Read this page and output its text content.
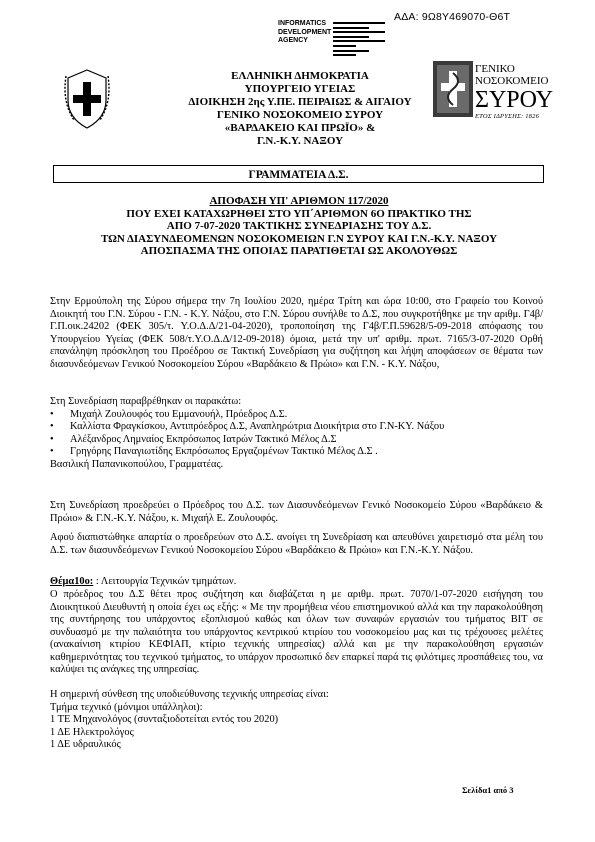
ΑΔΑ: 9Ω8Υ469070-Θ6Τ
INFORMATICS
DEVELOPMENT
AGENCY
ΕΛΛΗΝΙΚΗ ΔΗΜΟΚΡΑΤΙΑ
ΥΠΟΥΡΓΕΙΟ ΥΓΕΙΑΣ
ΔΙΟΙΚΗΣΗ 2ης Υ.ΠΕ. ΠΕΙΡΑΙΩΣ & ΑΙΓΑΙΟΥ
ΓΕΝΙΚΟ ΝΟΣΟΚΟΜΕΙΟ ΣΥΡΟΥ
«ΒΑΡΔΑΚΕΙΟ ΚΑΙ ΠΡΩΪΟ» &
Γ.Ν.-Κ.Υ. ΝΑΞΟΥ
ΓΕΝΙΚΟ
ΝΟΣΟΚΟΜΕΙΟ
ΣΥΡΟΥ
ΕΤΟΣ ΙΔΡΥΣΗΣ: 1826
ΓΡΑΜΜΑΤΕΙΑ Δ.Σ.
ΑΠΟΦΑΣΗ ΥΠ' ΑΡΙΘΜΟΝ 117/2020
ΠΟΥ ΕΧΕΙ ΚΑΤΑΧΩΡΗΘΕΙ ΣΤΟ ΥΠ΄ΑΡΙΘΜΟΝ 6Ο ΠΡΑΚΤΙΚΟ ΤΗΣ
ΑΠΟ 7-07-2020 ΤΑΚΤΙΚΗΣ ΣΥΝΕΔΡΙΑΣΗΣ ΤΟΥ Δ.Σ.
ΤΩΝ ΔΙΑΣΥΝΔΕΟΜΕΝΩΝ ΝΟΣΟΚΟΜΕΙΩΝ Γ.Ν ΣΥΡΟΥ ΚΑΙ Γ.Ν.-Κ.Υ. ΝΑΞΟΥ
ΑΠΟΣΠΑΣΜΑ ΤΗΣ ΟΠΟΙΑΣ ΠΑΡΑΤΙΘΕΤΑΙ ΩΣ ΑΚΟΛΟΥΘΩΣ

Στην Ερμούπολη της Σύρου σήμερα την 7η Ιουλίου 2020, ημέρα Τρίτη και ώρα 10:00, στο Γραφείο του Κοινού Διοικητή του Γ.Ν. Σύρου - Γ.Ν. - Κ.Υ. Νάξου, στο Γ.Ν. Σύρου συνήλθε το Δ.Σ, που συγκροτήθηκε με την αριθμ. Γ4β/Γ.Π.οικ.24202 (ΦΕΚ 305/τ. Υ.Ο.Δ.Δ/21-04-2020), τροποποίηση της Γ4β/Γ.Π.59628/5-09-2018 απόφασης του Υπουργείου Υγείας (ΦΕΚ 508/τ.Υ.Ο.Δ.Δ/12-09-2018) όμοια, μετά την υπ' αριθμ. πρωτ. 7165/3-07-2020 Ορθή επανάληψη πρόσκληση του Προέδρου σε Τακτική Συνεδρίαση για συζήτηση και λήψη αποφάσεων σε θέματα των διασυνδεόμενων Γενικού Νοσοκομείου Σύρου «Βαρδάκειο & Πρώιο» και Γ.Ν. - Κ.Υ. Νάξου,

Στη Συνεδρίαση παραβρέθηκαν οι παρακάτω:

• Μιχαήλ Ζουλουφός του Εμμανουήλ, Πρόεδρος Δ.Σ.
• Καλλίστα Φραγκίσκου, Αντιπρόεδρος Δ.Σ, Αναπληρώτρια Διοικήτρια στο Γ.Ν-ΚΥ. Νάξου
• Αλέξανδρος Λημναίος Εκπρόσωπος Ιατρών Τακτικό Μέλος Δ.Σ
• Γρηγόρης Παναγιωτίδης Εκπρόσωπος Εργαζομένων Τακτικό Μέλος Δ.Σ .

Βασιλική Παπανικοπούλου, Γραμματέας.

Στη Συνεδρίαση προεδρεύει ο Πρόεδρος του Δ.Σ. των Διασυνδεόμενων Γενικό Νοσοκομείο Σύρου «Βαρδάκειο & Πρώιο» & Γ.Ν.-Κ.Υ. Νάξου, κ. Μιχαήλ Ε. Ζουλουφός.

Αφού διαπιστώθηκε απαρτία ο προεδρεύων στο Δ.Σ. ανοίγει τη Συνεδρίαση και απευθύνει χαιρετισμό στα μέλη του Δ.Σ. των διασυνδεόμενων Γενικού Νοσοκομείου Σύρου «Βαρδάκειο & Πρώιο» και Γ.Ν.-Κ.Υ. Νάξου.

Θέμα10ο: : Λειτουργία Τεχνικών τμημάτων.

Ο πρόεδρος του Δ.Σ θέτει προς συζήτηση και διαβάζεται η με αριθμ. πρωτ. 7070/1-07-2020 εισήγηση του Διοικητικού Διευθυντή η οποία έχει ως εξής: « Με την προμήθεια νέου επιστημονικού αλλά και την παρακολούθηση της συντήρησης του υπάρχοντος εξοπλισμού καθώς και όλων των συναφών εργασιών του τμήματος ΒΙΤ σε συνδυασμό με την παλαιότητα του υπάρχοντος κεντρικού κτιρίου του νοσοκομείου μας και τις τρέχουσες μελέτες (ανακαίνιση κτιρίου ΚΕΦΙΑΠ, κτίριο τεχνικής υπηρεσίας) αλλά και με την παρακολούθηση εργασιών καθημερινότητας του τεχνικού τμήματος, το υπάρχον προσωπικό δεν επαρκεί παρά τις φιλότιμες προσπάθειες του, να καλύψει τις ανάγκες της υπηρεσίας.

Η σημερινή σύνθεση της υποδιεύθυνσης τεχνικής υπηρεσίας είναι:

Τμήμα τεχνικό (μόνιμοι υπάλληλοι):

1 ΤΕ Μηχανολόγος (συνταξιοδοτείται εντός του 2020)

1 ΔΕ Ηλεκτρολόγος

1 ΔΕ υδραυλικός

Σελίδα1 από 3
